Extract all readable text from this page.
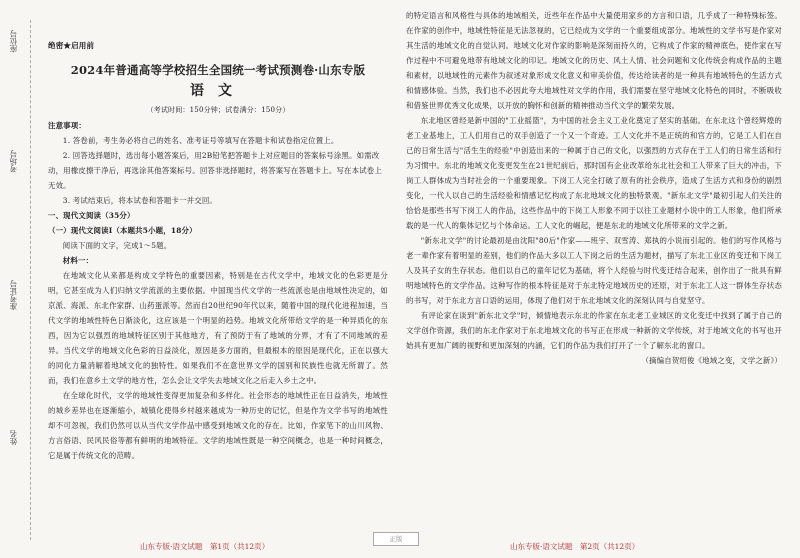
座位号
考场号
准考证号
姓名
绝密★启用前
2024年普通高等学校招生全国统一考试预测卷·山东专版
语文
（考试时间：150分钟；试卷满分：150分）

注意事项：

1. 答卷前，考生务必将自己的姓名、准考证号等填写在答题卡和试卷指定位置上。

2. 回答选择题时，选出每小题答案后，用2B铅笔把答题卡上对应题目的答案标号涂黑。如需改动，用橡皮擦干净后，再选涂其他答案标号。回答非选择题时，将答案写在答题卡上。写在本试卷上无效。

3. 考试结束后，将本试卷和答题卡一并交回。

一、现代文阅读（35分）

（一）现代文阅读Ⅰ（本题共5小题，18分）

阅读下面的文字，完成1～5题。

材料一：

在地域文化从来都是构成文学特色的重要因素，特别是在古代文学中，地域文化的色彩更是分明，它甚至成为人们归纳文学流派的主要依据。中国现当代文学的一些流派也是由地域性决定的，如京派、海派、东北作家群、山药蛋派等。然而自20世纪90年代以来，随着中国的现代化进程加速，当代文学的地域性特色日渐淡化，这应该是一个明显的趋势。地域文化所带给文学的是一种异质化的东西，因为它以强烈的地域特征区别于其他地方，有了预防于有了地域的分界，才有了不同地域的差异。当代文学的地域文化色彩的日益淡化，原因是多方面的，但最根本的原因是现代化，正在以强大的同化力量消解着地域文化的独特性。如果我们不在意世界文学的国别和民族性也就无所谓了。然而，我们在意乡土文学的地方性，怎么会让文学失去地域文化之后走入乡土之中。

在全球化时代，文学的地域性变得更加复杂和多样化。社会形态的地域性正在日益消失，地域性的城乡差异也在逐渐缩小，城镇化使得乡村越来越成为一种历史的记忆，但是作为文学书写的地域性却不可忽视，我们仍然可以从当代文学作品中感受到地域文化的存在。比如，作家笔下的山川风物、方言俗语、民风民俗等都有鲜明的地域特征。文学的地域性既是一种空间概念，也是一种时间概念，它是属于传统文化的范畴。

的特定语言和风格性与具体的地域相关，近些年在作品中大量使用家乡的方言和口语，几乎成了一种特殊标签。在作家的创作中，地域性特征是无法忽视的，它已经成为文学的一个重要组成部分。地域性的文学书写是作家对其生活的地域文化的自觉认同。地域文化对作家的影响是深刻而持久的，它构成了作家的精神底色，使作家在写作过程中不可避免地带有地域文化的印记。地域文化的历史、风土人情、社会问题和文化传统会构成作品的主题和素材，以地域性的元素作为叙述对象形成文化意义和审美价值，传达给读者的是一种具有地域特色的生活方式和情感体验。当然，我们也不必因此夸大地域性对文学的作用，我们需要在坚守地域文化特色的同时，不断吸收和借鉴世界优秀文化成果，以开放的胸怀和创新的精神推动当代文学的繁荣发展。

东北地区曾经是新中国的"工业摇篮"，为中国的社会主义工业化奠定了坚实的基础。在东北这个曾经辉煌的老工业基地上，工人们用自己的双手创造了一个又一个奇迹。工人文化并不是正统的和官方的，它是工人们在自己的日常生活与"活生生的经验"中创造出来的一种属于自己的文化，以强烈的方式存在于工人们的日常生活和行为习惯中。东北的地域文化变更发生在21世纪前后，那时国有企业改革给东北社会和工人带来了巨大的冲击，下岗工人群体成为当时社会的一个重要现象。下岗工人完全打破了原有的社会秩序，造成了生活方式和身份的剧烈变化，一代人以自己的生活经验和情感记忆构成了东北地域文化的独特景观。"新东北文学"最初引起人们关注的恰恰是那些书写下岗工人的作品，这些作品中的下岗工人形象不同于以往工业题材小说中的工人形象，他们所承载的是一代人的集体记忆与个体命运。工人文化的崛起，便是东北的地域文化所带来的文学之新。

"新东北文学"的讨论最初是由沈阳"80后"作家——班宇、双雪涛、郑执的小说而引起的。他们的写作风格与老一辈作家有着明显的差别，他们的作品大多以工人下岗之后的生活为题材，描写了东北工业区的变迁和下岗工人及其子女的生存状态。他们以自己的童年记忆为基础，将个人经验与时代变迁结合起来，创作出了一批具有鲜明地域特色的文学作品。这种写作的根本特征是对于东北特定地域历史的还原，对于东北工人这一群体生存状态的书写，对于东北方言口语的运用，体现了他们对于东北地域文化的深刻认同与自觉坚守。

有评论家在谈到"新东北文学"时，倾情地表示东北的作家在东北老工业城区的文化变迁中找到了属于自己的文学创作资源，我们的东北作家对于东北地域文化的书写正在形成一种新的文学传统，对于地域文化的书写也开始具有更加广阔的视野和更加深刻的内涵，它们的作品为我们打开了一个了解东北的窗口。

（摘编自贺绍俊《地域之变，文学之新》）

山东专版·语文试题　第1页（共12页）	山东专版·语文试题　第2页（共12页）
正版
